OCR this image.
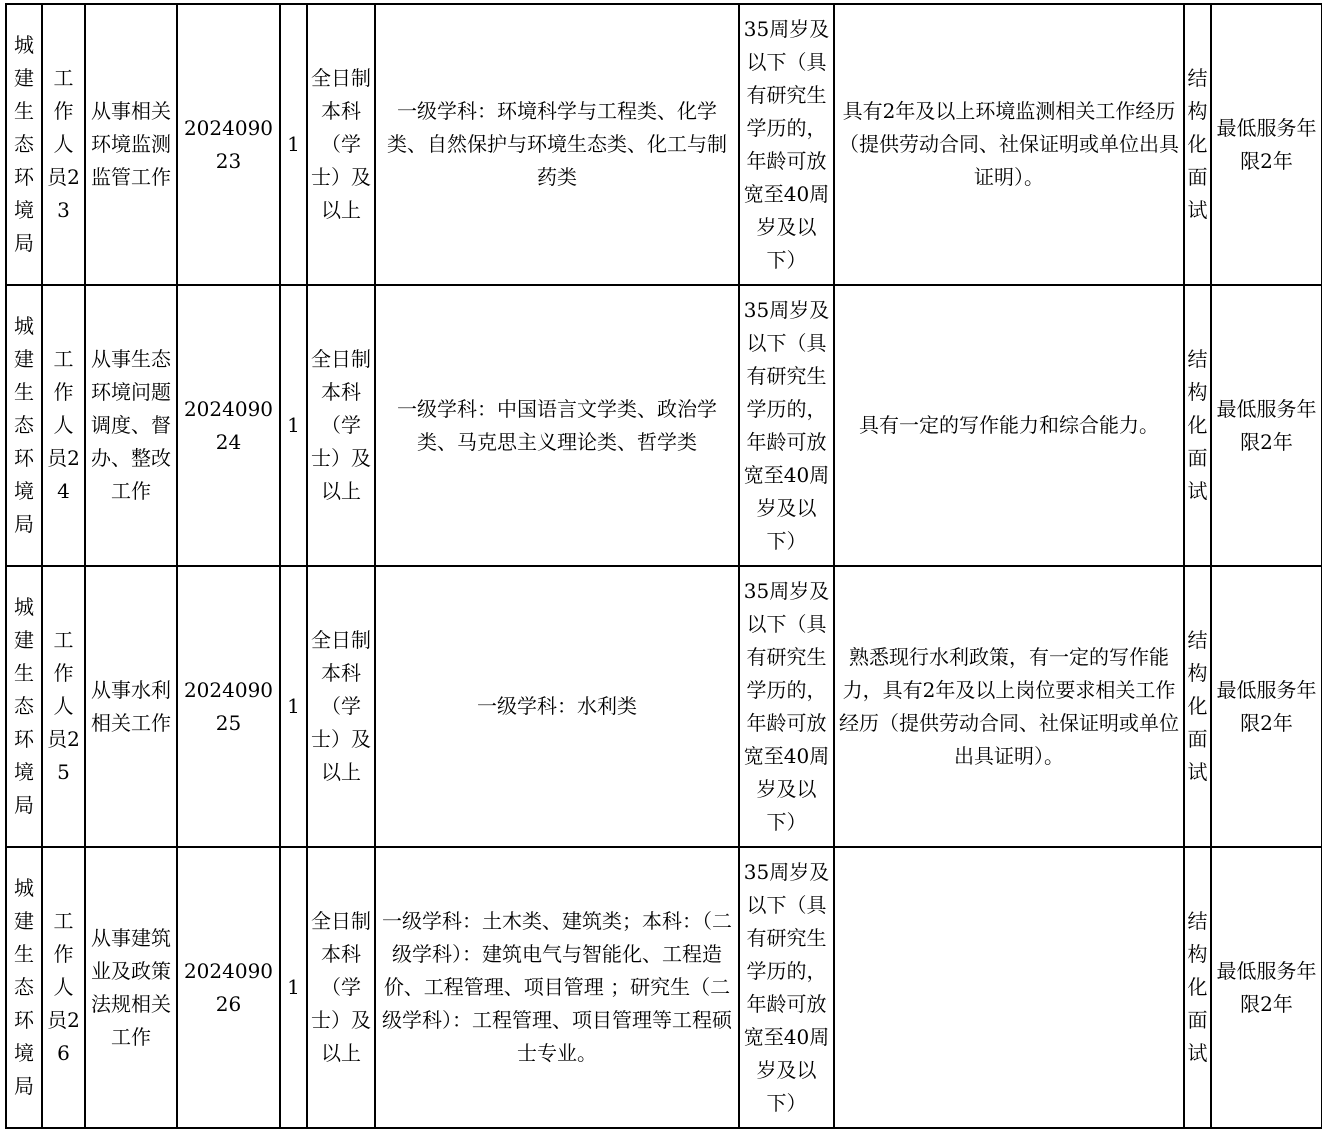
城建生态环境局	工作人员23	从事相关环境监测监管工作	202409023	1	全日制本科（学士）及以上	一级学科：环境科学与工程类、化学类、自然保护与环境生态类、化工与制药类	35周岁及以下（具有研究生学历的，年龄可放宽至40周岁及以下）	具有2年及以上环境监测相关工作经历（提供劳动合同、社保证明或单位出具证明）。	结构化面试	最低服务年限2年
城建生态环境局	工作人员24	从事生态环境问题调度、督办、整改工作	202409024	1	全日制本科（学士）及以上	一级学科：中国语言文学类、政治学类、马克思主义理论类、哲学类	35周岁及以下（具有研究生学历的，年龄可放宽至40周岁及以下）	具有一定的写作能力和综合能力。	结构化面试	最低服务年限2年
城建生态环境局	工作人员25	从事水利相关工作	202409025	1	全日制本科（学士）及以上	一级学科：水利类	35周岁及以下（具有研究生学历的，年龄可放宽至40周岁及以下）	熟悉现行水利政策，有一定的写作能力，具有2年及以上岗位要求相关工作经历（提供劳动合同、社保证明或单位出具证明）。	结构化面试	最低服务年限2年
城建生态环境局	工作人员26	从事建筑业及政策法规相关工作	202409026	1	全日制本科（学士）及以上	一级学科：土木类、建筑类；本科：（二级学科）：建筑电气与智能化、工程造价、工程管理、项目管理 ；研究生（二级学科）：工程管理、项目管理等工程硕士专业。	35周岁及以下（具有研究生学历的，年龄可放宽至40周岁及以下）		结构化面试	最低服务年限2年
